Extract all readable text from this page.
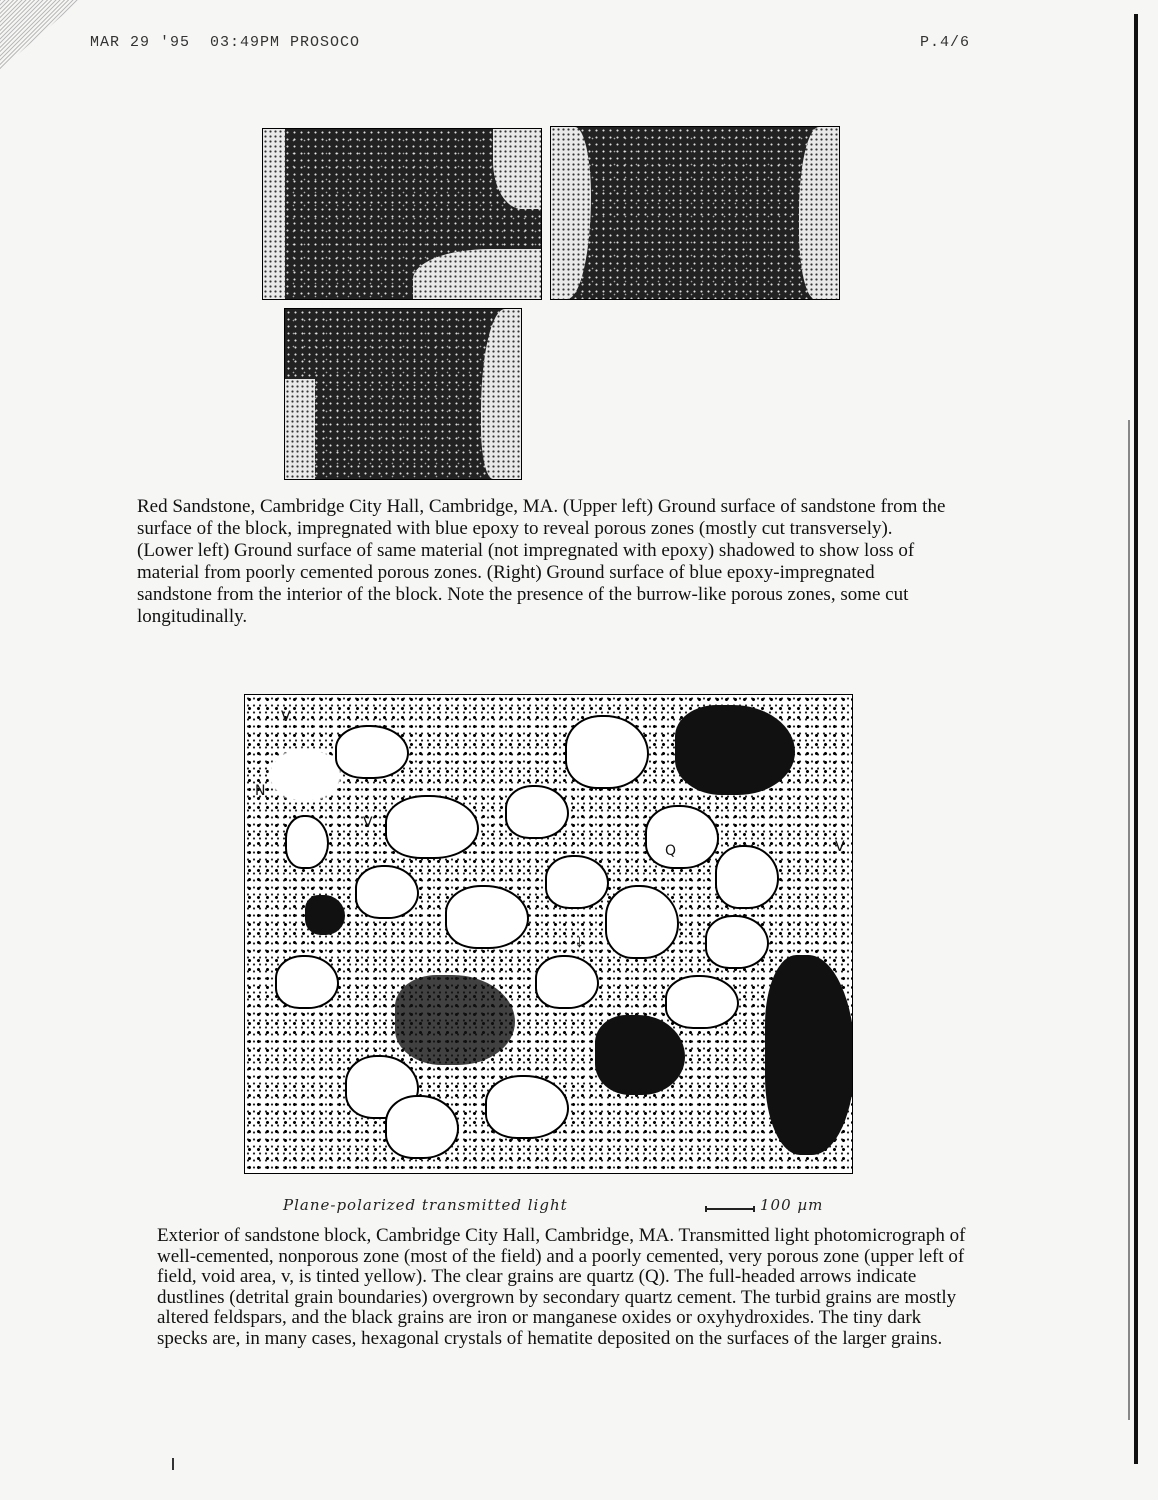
MAR 29 '95  03:49PM PROSOCO	P.4/6
Red Sandstone, Cambridge City Hall, Cambridge, MA. (Upper left) Ground surface of sandstone from the surface of the block, impregnated with blue epoxy to reveal porous zones (mostly cut transversely). (Lower left) Ground surface of same material (not impregnated with epoxy) shadowed to show loss of material from poorly cemented porous zones. (Right) Ground surface of blue epoxy-impregnated sandstone from the interior of the block. Note the presence of the burrow-like porous zones, some cut longitudinally.
V
N
V
Q	V
↓
Plane-polarized transmitted light	100 µm
Exterior of sandstone block, Cambridge City Hall, Cambridge, MA. Transmitted light photomicrograph of well-cemented, nonporous zone (most of the field) and a poorly cemented, very porous zone (upper left of field, void area, v, is tinted yellow). The clear grains are quartz (Q). The full-headed arrows indicate dustlines (detrital grain boundaries) overgrown by secondary quartz cement. The turbid grains are mostly altered feldspars, and the black grains are iron or manganese oxides or oxyhydroxides. The tiny dark specks are, in many cases, hexagonal crystals of hematite deposited on the surfaces of the larger grains.
